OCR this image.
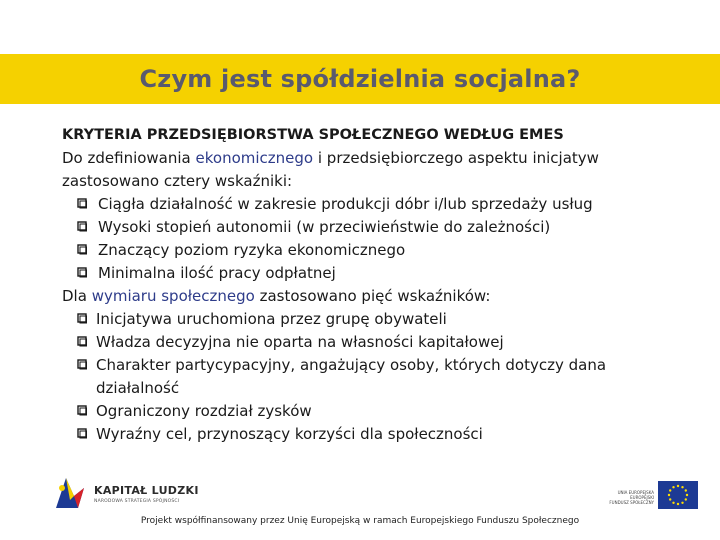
Czym jest spółdzielnia socjalna?

KRYTERIA PRZEDSIĘBIORSTWA SPOŁECZNEGO WEDŁUG EMES

Do zdefiniowania ekonomicznego i przedsiębiorczego aspektu inicjatyw zastosowano cztery wskaźniki:

Ciągła działalność w zakresie produkcji dóbr i/lub sprzedaży usług
Wysoki stopień autonomii (w przeciwieństwie do zależności)
Znaczący poziom ryzyka ekonomicznego
Minimalna ilość pracy odpłatnej

Dla wymiaru społecznego zastosowano pięć wskaźników:

Inicjatywa uruchomiona przez grupę obywateli
Władza decyzyjna nie oparta na własności kapitałowej
Charakter partycypacyjny, angażujący osoby, których dotyczy dana działalność
Ograniczony rozdział zysków
Wyraźny cel, przynoszący korzyści dla społeczności
KAPITAŁ LUDZKI
NARODOWA STRATEGIA SPÓJNOŚCI
UNIA EUROPEJSKA
EUROPEJSKI
FUNDUSZ SPOŁECZNY
Projekt współfinansowany przez Unię Europejską w ramach Europejskiego Funduszu Społecznego
